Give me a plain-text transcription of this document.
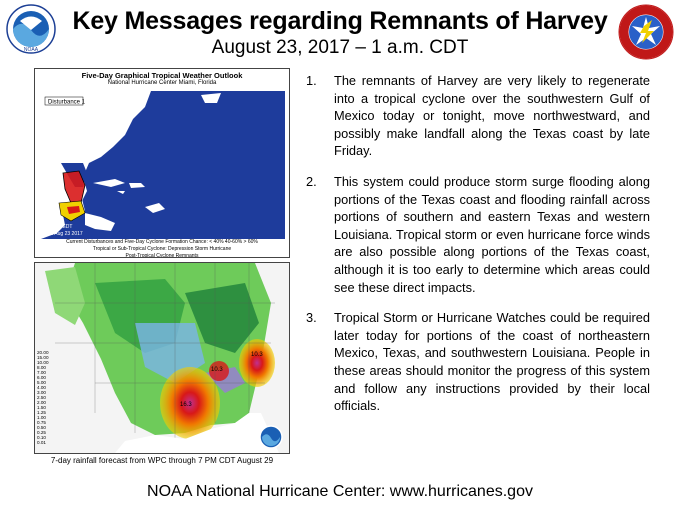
NOAA
Key Messages regarding Remnants of Harvey
August 23, 2017 – 1 a.m. CDT
Five-Day Graphical Tropical Weather Outlook
National Hurricane Center Miami, Florida
Disturbance 1
2:00 am EDT
Wed Aug 23 2017
Current Disturbances and Five-Day Cyclone Formation Chance: < 40% 40-60% > 60%
Tropical or Sub-Tropical Cyclone: Depression Storm Hurricane
Post-Tropical Cyclone Remnants
20.00
15.00
10.00
8.00
7.00
6.00
5.00
4.00
3.00
2.50
2.00
1.50
1.25
1.00
0.75
0.50
0.25
0.10
0.01
16.3
10.3
10.3
7-day rainfall forecast from WPC through 7 PM CDT August 29
1.	The remnants of Harvey are very likely to regenerate into a tropical cyclone over the southwestern Gulf of Mexico today or tonight, move northwestward, and possibly make landfall along the Texas coast by late Friday.
2.	This system could produce storm surge flooding along portions of the Texas coast and flooding rainfall across portions of southern and eastern Texas and western Louisiana. Tropical storm or even hurricane force winds are also possible along portions of the Texas coast, although it is too early to determine which areas could see these direct impacts.
3.	Tropical Storm or Hurricane Watches could be required later today for portions of the coast of northeastern Mexico, Texas, and southwestern Louisiana. People in these areas should monitor the progress of this system and follow any instructions provided by their local officials.
NOAA National Hurricane Center: www.hurricanes.gov
